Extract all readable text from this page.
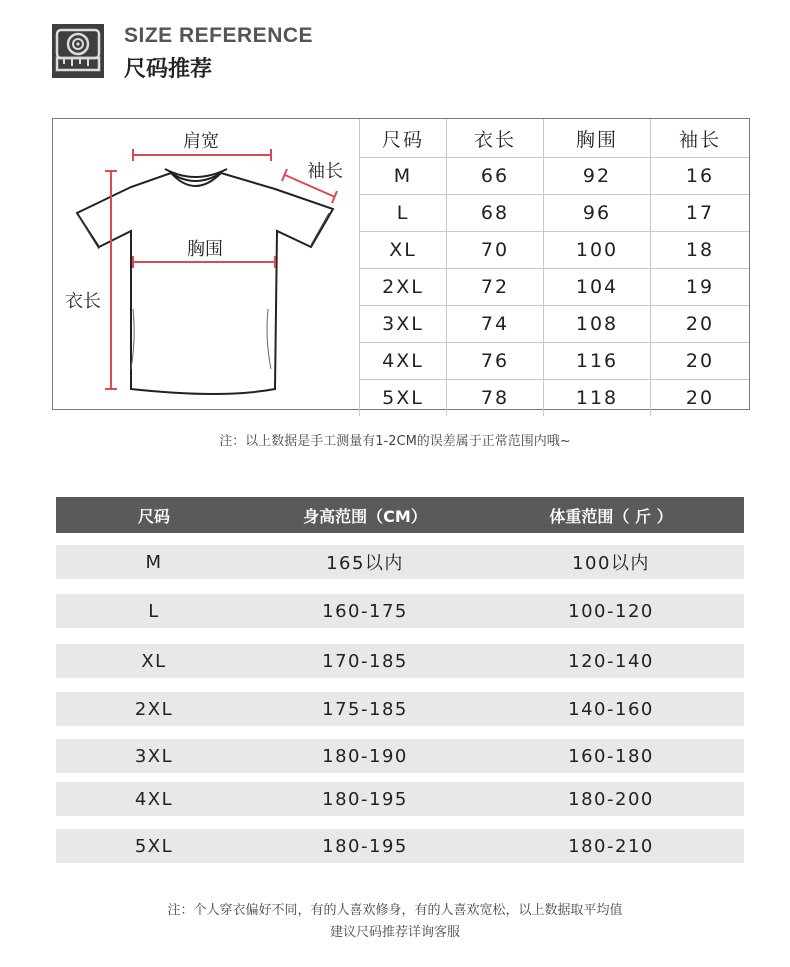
SIZE REFERENCE
尺码推荐
肩宽
袖长
胸围
衣长
尺码	衣长	胸围	袖长
M	66	92	16
L	68	96	17
XL	70	100	18
2XL	72	104	19
3XL	74	108	20
4XL	76	116	20
5XL	78	118	20
注：以上数据是手工测量有1-2CM的误差属于正常范围内哦~
尺码	身高范围（CM）	体重范围（ 斤 ）
M	165以内	100以内
L	160-175	100-120
XL	170-185	120-140
2XL	175-185	140-160
3XL	180-190	160-180
4XL	180-195	180-200
5XL	180-195	180-210
注：个人穿衣偏好不同，有的人喜欢修身，有的人喜欢宽松，以上数据取平均值
建议尺码推荐详询客服
